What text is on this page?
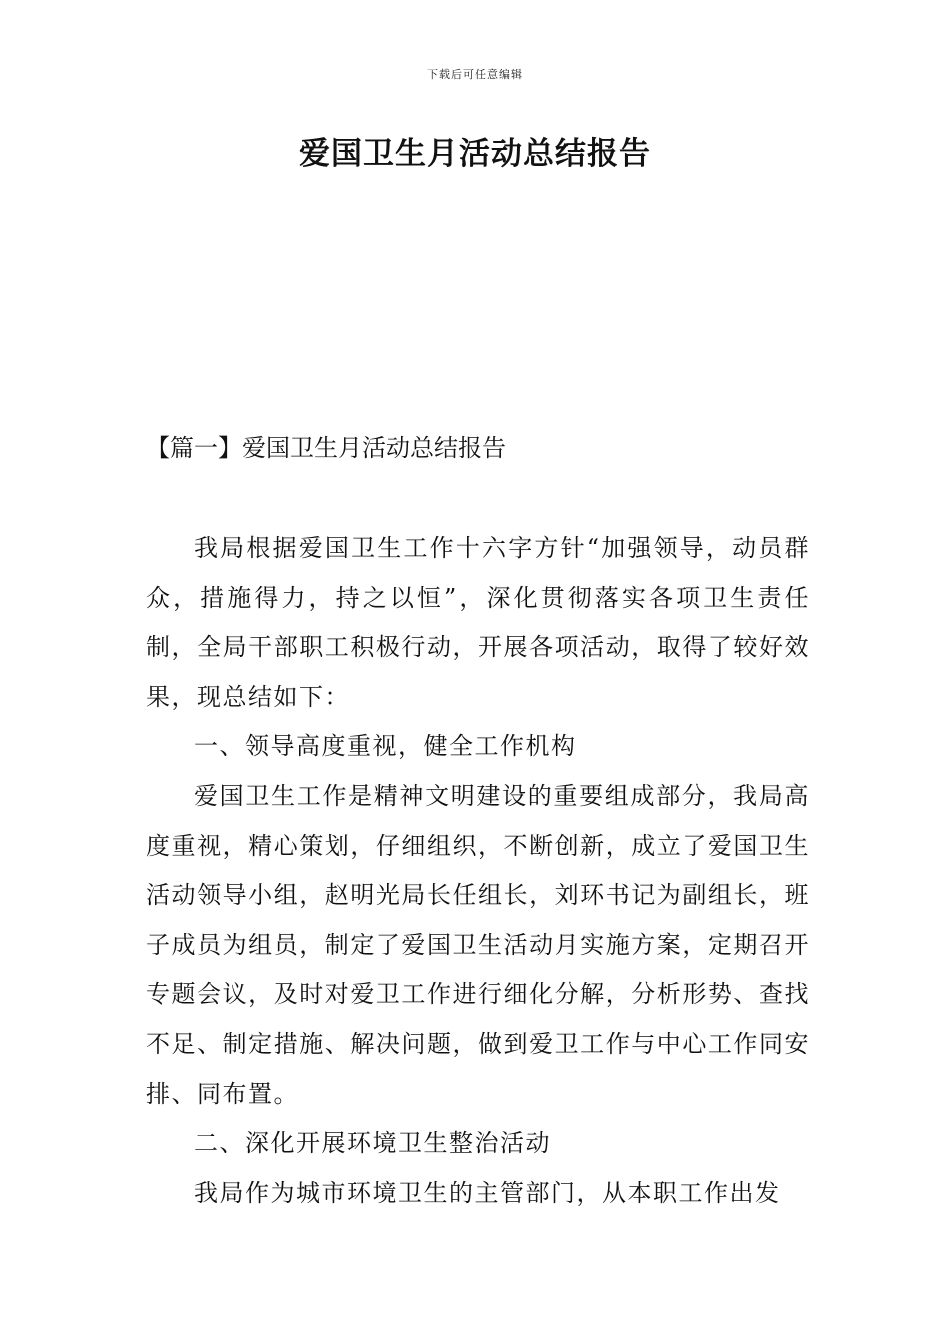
下载后可任意编辑
爱国卫生月活动总结报告
【篇一】爱国卫生月活动总结报告

我局根据爱国卫生工作十六字方针“加强领导，动员群众，措施得力，持之以恒”，深化贯彻落实各项卫生责任制，全局干部职工积极行动，开展各项活动，取得了较好效果，现总结如下：

一、领导高度重视，健全工作机构

爱国卫生工作是精神文明建设的重要组成部分，我局高度重视，精心策划，仔细组织，不断创新，成立了爱国卫生活动领导小组，赵明光局长任组长，刘环书记为副组长，班子成员为组员，制定了爱国卫生活动月实施方案，定期召开专题会议，及时对爱卫工作进行细化分解，分析形势、查找不足、制定措施、解决问题，做到爱卫工作与中心工作同安排、同布置。

二、深化开展环境卫生整治活动

我局作为城市环境卫生的主管部门，从本职工作出发
